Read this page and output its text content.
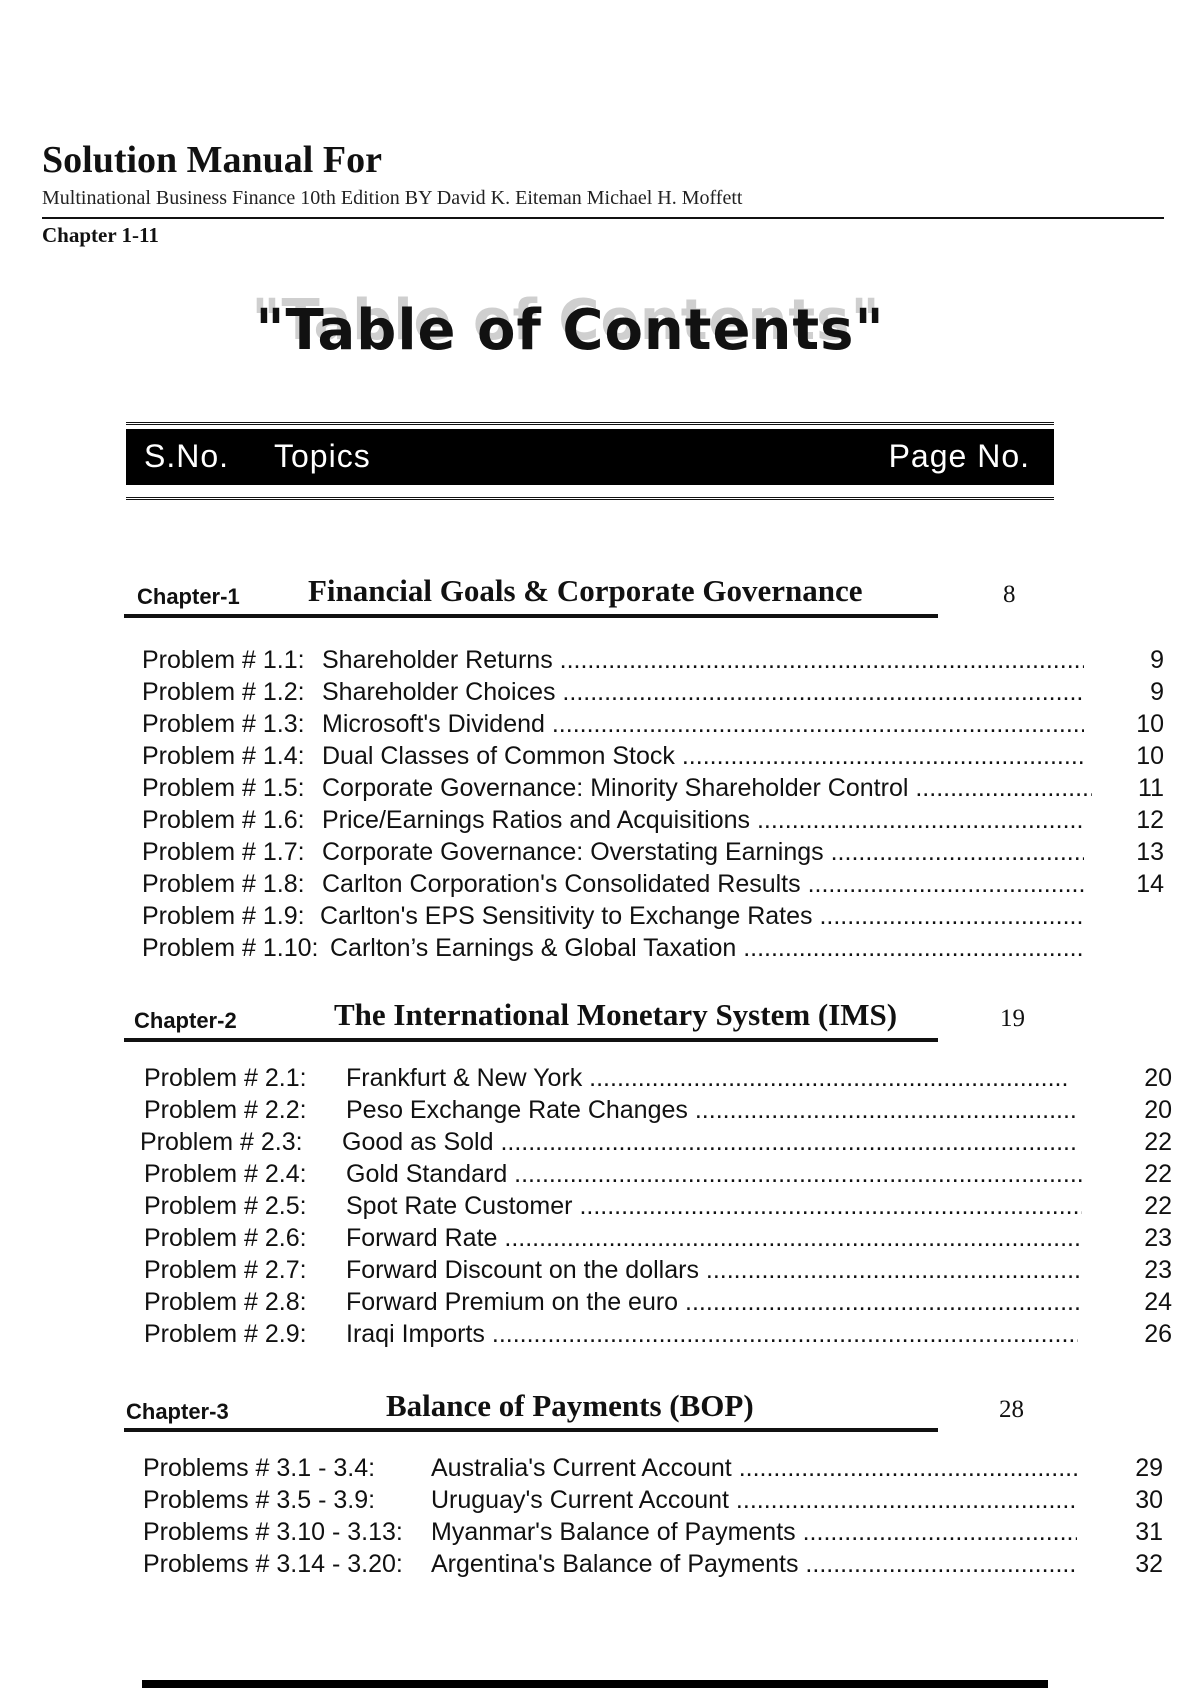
Solution Manual For
Multinational Business Finance 10th Edition BY David K. Eiteman Michael H. Moffett
Chapter 1-11
"Table of Contents"
S.No. Topics	Page No.
Chapter-1 Financial Goals & Corporate Governance	8
Problem # 1.1: Shareholder Returns .....	9
Problem # 1.2: Shareholder Choices .....	9
Problem # 1.3: Microsoft's Dividend .....	10
Problem # 1.4: Dual Classes of Common Stock .....	10
Problem # 1.5: Corporate Governance: Minority Shareholder Control .....	11
Problem # 1.6: Price/Earnings Ratios and Acquisitions .....	12
Problem # 1.7: Corporate Governance: Overstating Earnings .....	13
Problem # 1.8: Carlton Corporation's Consolidated Results .....	14
Problem # 1.9: Carlton's EPS Sensitivity to Exchange Rates .....
Problem # 1.10: Carlton’s Earnings & Global Taxation .....
Chapter-2	The International Monetary System (IMS)	19
Problem # 2.1: Frankfurt & New York .....	20
Problem # 2.2: Peso Exchange Rate Changes .....	20
Problem # 2.3: Good as Sold .....	22
Problem # 2.4: Gold Standard .....	22
Problem # 2.5: Spot Rate Customer .....	22
Problem # 2.6: Forward Rate .....	23
Problem # 2.7: Forward Discount on the dollars .....	23
Problem # 2.8: Forward Premium on the euro .....	24
Problem # 2.9: Iraqi Imports .....	26
Chapter-3	Balance of Payments (BOP)	28
Problems # 3.1 - 3.4: Australia's Current Account .....	29
Problems # 3.5 - 3.9: Uruguay's Current Account .....	30
Problems # 3.10 - 3.13: Myanmar's Balance of Payments .....	31
Problems # 3.14 - 3.20: Argentina's Balance of Payments .....	32
